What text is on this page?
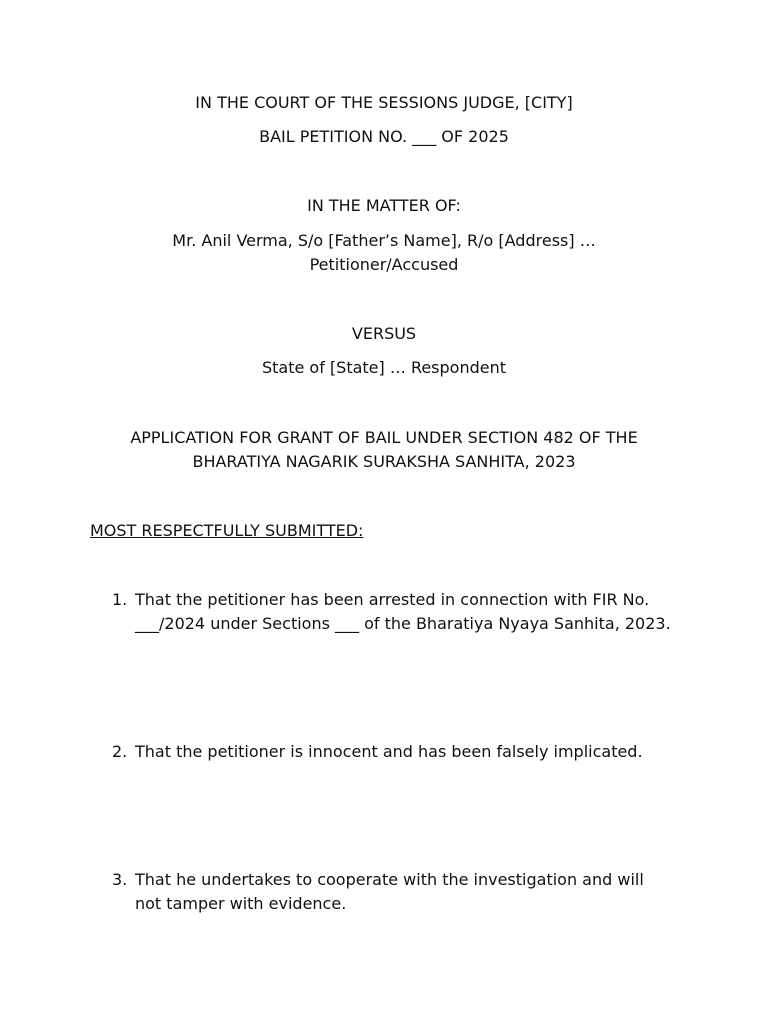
IN THE COURT OF THE SESSIONS JUDGE, [CITY]

BAIL PETITION NO. ___ OF 2025

IN THE MATTER OF:

Mr. Anil Verma, S/o [Father’s Name], R/o [Address] …

Petitioner/Accused

VERSUS

State of [State] … Respondent

APPLICATION FOR GRANT OF BAIL UNDER SECTION 482 OF THE

BHARATIYA NAGARIK SURAKSHA SANHITA, 2023

MOST RESPECTFULLY SUBMITTED:

1. That the petitioner has been arrested in connection with FIR No. ___/2024 under Sections ___ of the Bharatiya Nyaya Sanhita, 2023.
2. That the petitioner is innocent and has been falsely implicated.
3. That he undertakes to cooperate with the investigation and will not tamper with evidence.
